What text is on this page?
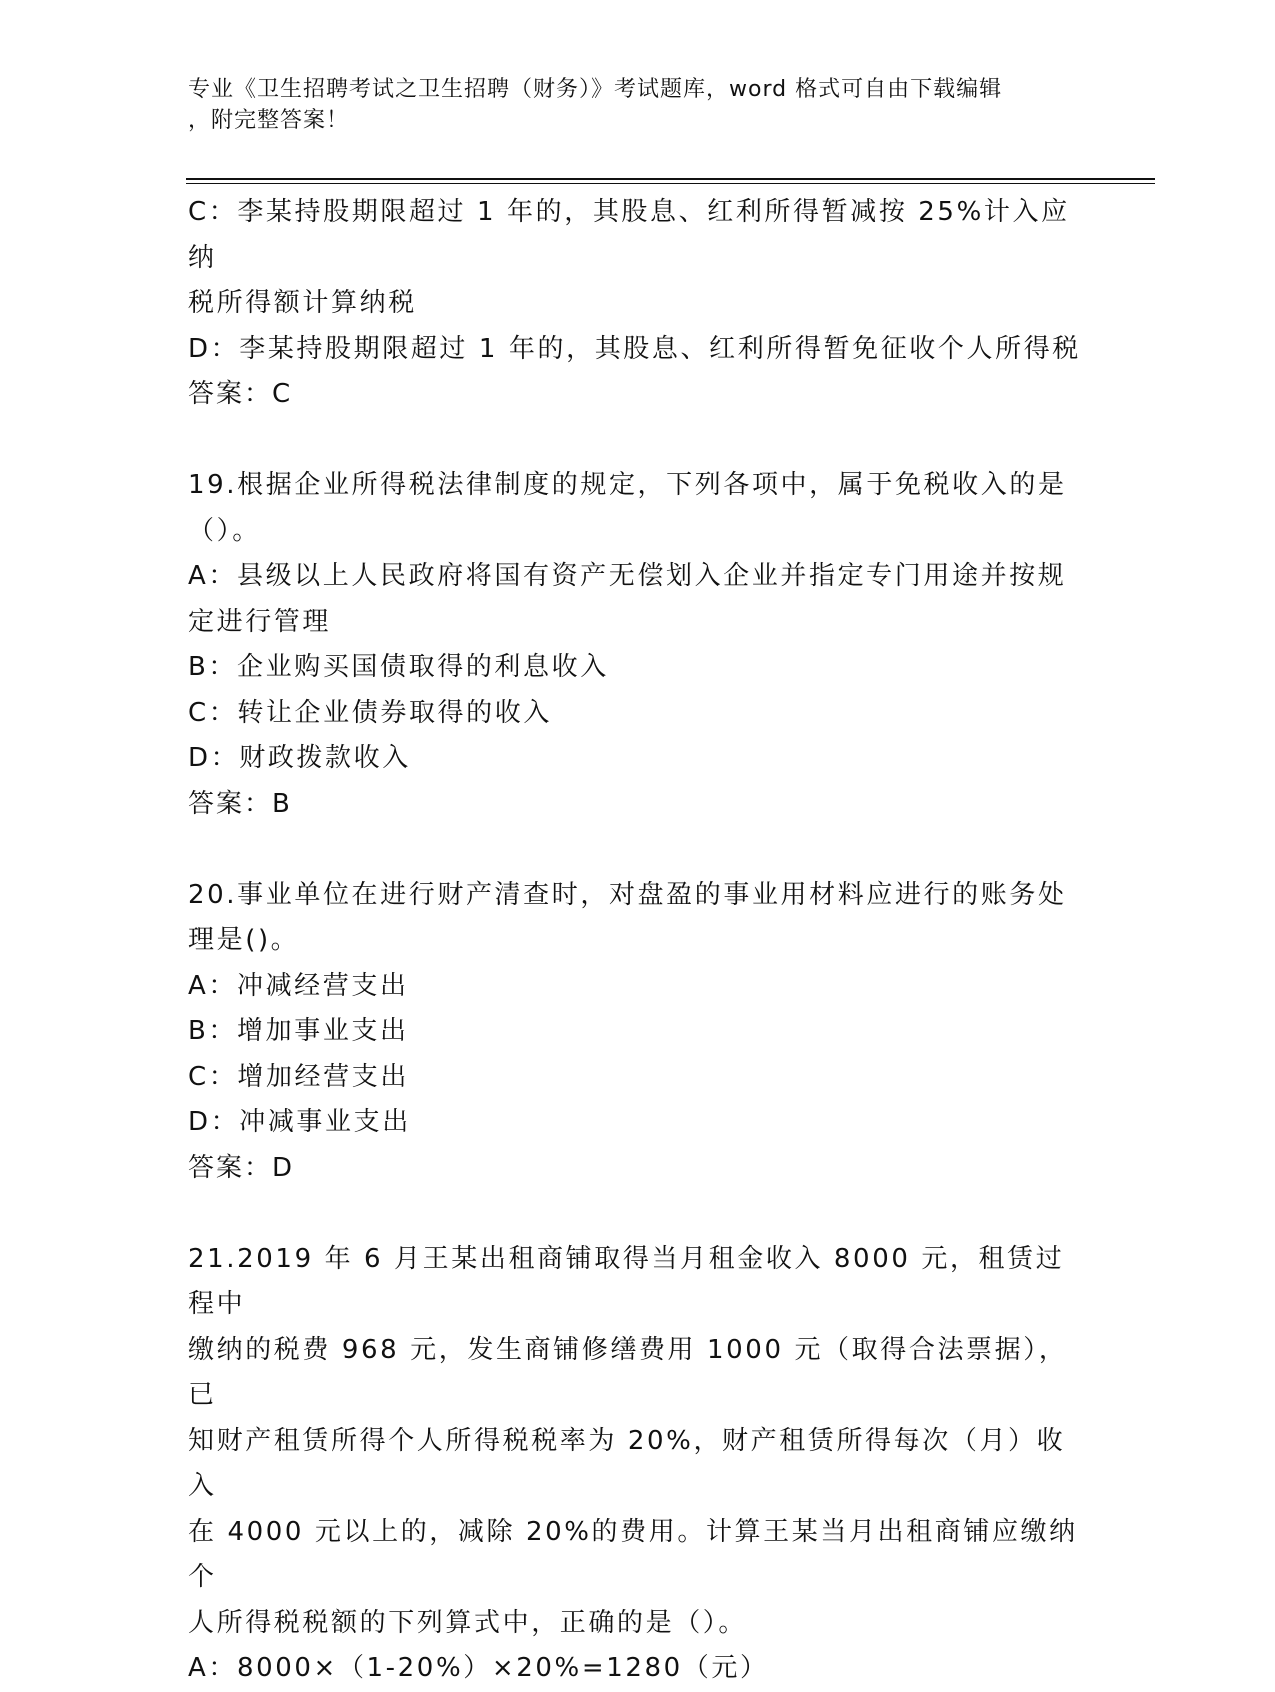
专业《卫生招聘考试之卫生招聘（财务）》考试题库，word 格式可自由下载编辑
，附完整答案！
C：李某持股期限超过 1 年的，其股息、红利所得暂减按 25%计入应纳
税所得额计算纳税
D：李某持股期限超过 1 年的，其股息、红利所得暂免征收个人所得税
答案：C
19.根据企业所得税法律制度的规定，下列各项中，属于免税收入的是
（）。
A：县级以上人民政府将国有资产无偿划入企业并指定专门用途并按规
定进行管理
B：企业购买国债取得的利息收入
C：转让企业债券取得的收入
D：财政拨款收入
答案：B
20.事业单位在进行财产清查时，对盘盈的事业用材料应进行的账务处
理是()。
A：冲减经营支出
B：增加事业支出
C：增加经营支出
D：冲减事业支出
答案：D
21.2019 年 6 月王某出租商铺取得当月租金收入 8000 元，租赁过程中
缴纳的税费 968 元，发生商铺修缮费用 1000 元（取得合法票据），已
知财产租赁所得个人所得税税率为 20%，财产租赁所得每次（月）收入
在 4000 元以上的，减除 20%的费用。计算王某当月出租商铺应缴纳个
人所得税税额的下列算式中，正确的是（）。
A：8000×（1-20%）×20%=1280（元）
